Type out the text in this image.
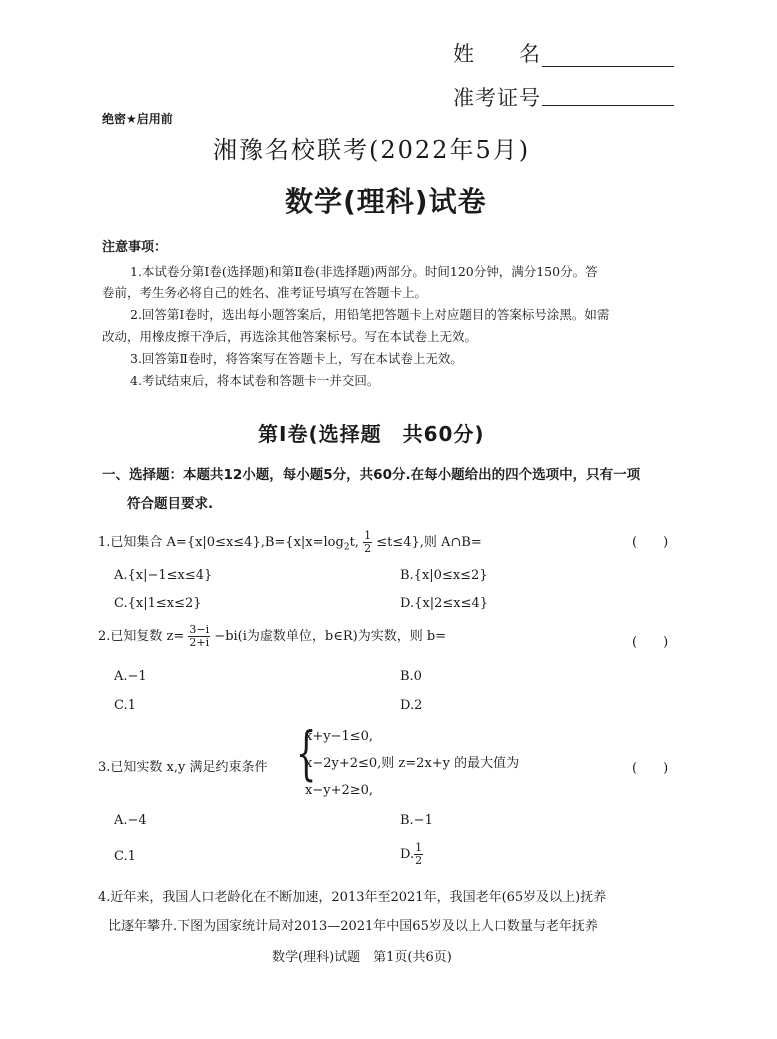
姓　　名
准考证号
绝密★启用前
湘豫名校联考(2022年5月)
数学(理科)试卷
注意事项：
1.本试卷分第Ⅰ卷(选择题)和第Ⅱ卷(非选择题)两部分。时间120分钟，满分150分。答
卷前，考生务必将自己的姓名、准考证号填写在答题卡上。
2.回答第Ⅰ卷时，选出每小题答案后，用铅笔把答题卡上对应题目的答案标号涂黑。如需
改动，用橡皮擦干净后，再选涂其他答案标号。写在本试卷上无效。
3.回答第Ⅱ卷时，将答案写在答题卡上，写在本试卷上无效。
4.考试结束后，将本试卷和答题卡一并交回。
第Ⅰ卷(选择题　共60分)
一、选择题：本题共12小题，每小题5分，共60分.在每小题给出的四个选项中，只有一项
符合题目要求.
1.已知集合 $A=\{x|0\le x\le 4\},B=\{x|x=\log_2t$, $\frac{1}{2} \le t\le 4$},则 A∩B=	(　　)
A.{x|−1≤x≤4}	B.{x|0≤x≤2}
C.{x|1≤x≤2}	D.{x|2≤x≤4}
2.已知复数 $z= \frac{3-i}{2+i} -bi(i$为虚数单位，b∈R)为实数，则 b=	(　　)
A.−1	B.0
C.1	D.2
3.已知实数 x,y 满足约束条件 {
x+y−1≤0,
x−2y+2≤0,则 z=2x+y 的最大值为
x−y+2≥0,
(　　)
A.−4	B.−1
C.1	D. $\frac{1}{2}$
4.近年来，我国人口老龄化在不断加速，2013年至2021年，我国老年(65岁及以上)抚养
比逐年攀升.下图为国家统计局对2013—2021年中国65岁及以上人口数量与老年抚养
数学(理科)试题　第1页(共6页)
